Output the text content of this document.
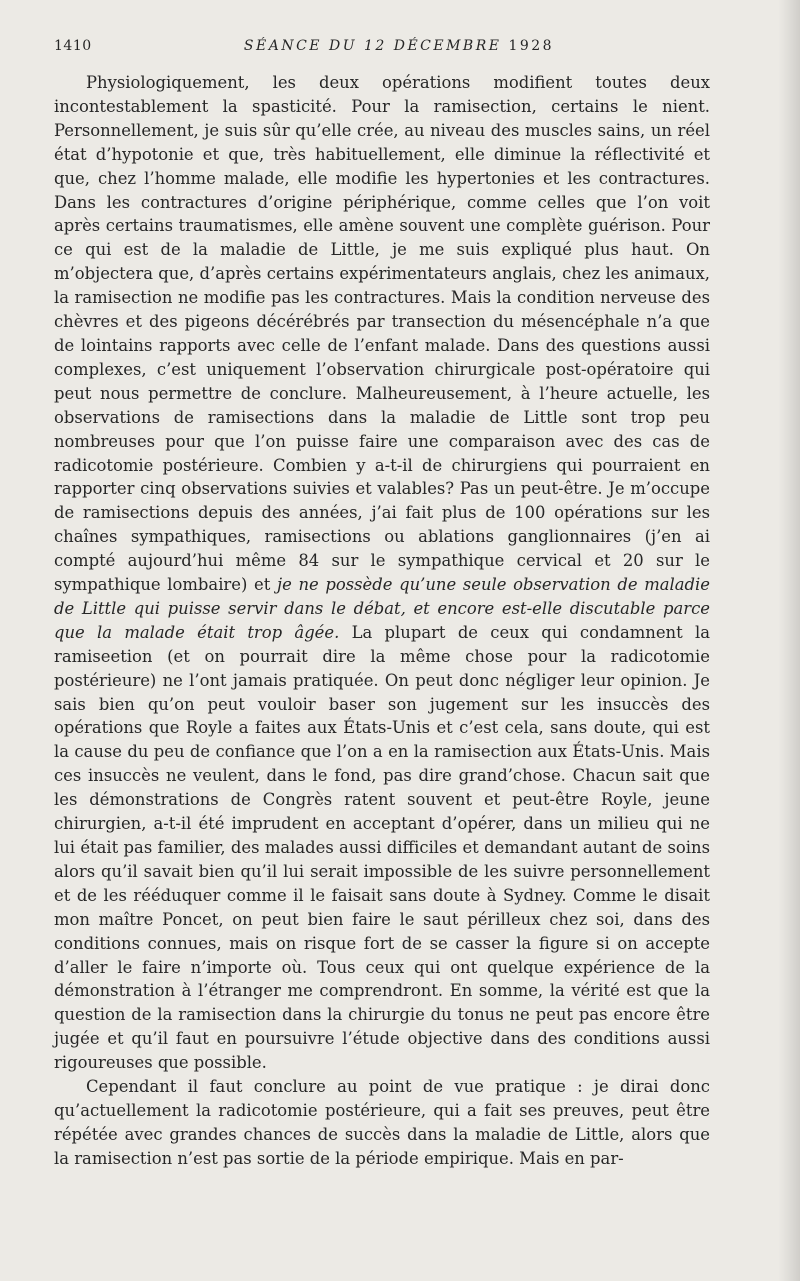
1410	SÉANCE DU 12 DÉCEMBRE 1928

Physiologiquement, les deux opérations modifient toutes deux incontestablement la spasticité. Pour la ramisection, certains le nient. Personnellement, je suis sûr qu’elle crée, au niveau des muscles sains, un réel état d’hypotonie et que, très habituellement, elle diminue la réflectivité et que, chez l’homme malade, elle modifie les hypertonies et les contractures. Dans les contractures d’origine périphérique, comme celles que l’on voit après certains traumatismes, elle amène souvent une complète guérison. Pour ce qui est de la maladie de Little, je me suis expliqué plus haut. On m’objectera que, d’après certains expérimentateurs anglais, chez les animaux, la ramisection ne modifie pas les contractures. Mais la condition nerveuse des chèvres et des pigeons décérébrés par transection du mésencéphale n’a que de lointains rapports avec celle de l’enfant malade. Dans des questions aussi complexes, c’est uniquement l’observation chirurgicale post-opératoire qui peut nous permettre de conclure. Malheureusement, à l’heure actuelle, les observations de ramisections dans la maladie de Little sont trop peu nombreuses pour que l’on puisse faire une comparaison avec des cas de radicotomie postérieure. Combien y a-t-il de chirurgiens qui pourraient en rapporter cinq observations suivies et valables? Pas un peut-être. Je m’occupe de ramisections depuis des années, j’ai fait plus de 100 opérations sur les chaînes sympathiques, ramisections ou ablations ganglionnaires (j’en ai compté aujourd’hui même 84 sur le sympathique cervical et 20 sur le sympathique lombaire) et je ne possède qu’une seule observation de maladie de Little qui puisse servir dans le débat, et encore est-elle discutable parce que la malade était trop âgée. La plupart de ceux qui condamnent la ramiseetion (et on pourrait dire la même chose pour la radicotomie postérieure) ne l’ont jamais pratiquée. On peut donc négliger leur opinion. Je sais bien qu’on peut vouloir baser son jugement sur les insuccès des opérations que Royle a faites aux États-Unis et c’est cela, sans doute, qui est la cause du peu de confiance que l’on a en la ramisection aux États-Unis. Mais ces insuccès ne veulent, dans le fond, pas dire grand’chose. Chacun sait que les démonstrations de Congrès ratent souvent et peut-être Royle, jeune chirurgien, a-t-il été imprudent en acceptant d’opérer, dans un milieu qui ne lui était pas familier, des malades aussi difficiles et demandant autant de soins alors qu’il savait bien qu’il lui serait impossible de les suivre personnellement et de les rééduquer comme il le faisait sans doute à Sydney. Comme le disait mon maître Poncet, on peut bien faire le saut périlleux chez soi, dans des conditions connues, mais on risque fort de se casser la figure si on accepte d’aller le faire n’importe où. Tous ceux qui ont quelque expérience de la démonstration à l’étranger me comprendront. En somme, la vérité est que la question de la ramisection dans la chirurgie du tonus ne peut pas encore être jugée et qu’il faut en poursuivre l’étude objective dans des conditions aussi rigoureuses que possible.

Cependant il faut conclure au point de vue pratique : je dirai donc qu’actuellement la radicotomie postérieure, qui a fait ses preuves, peut être répétée avec grandes chances de succès dans la maladie de Little, alors que la ramisection n’est pas sortie de la période empirique. Mais en par-
